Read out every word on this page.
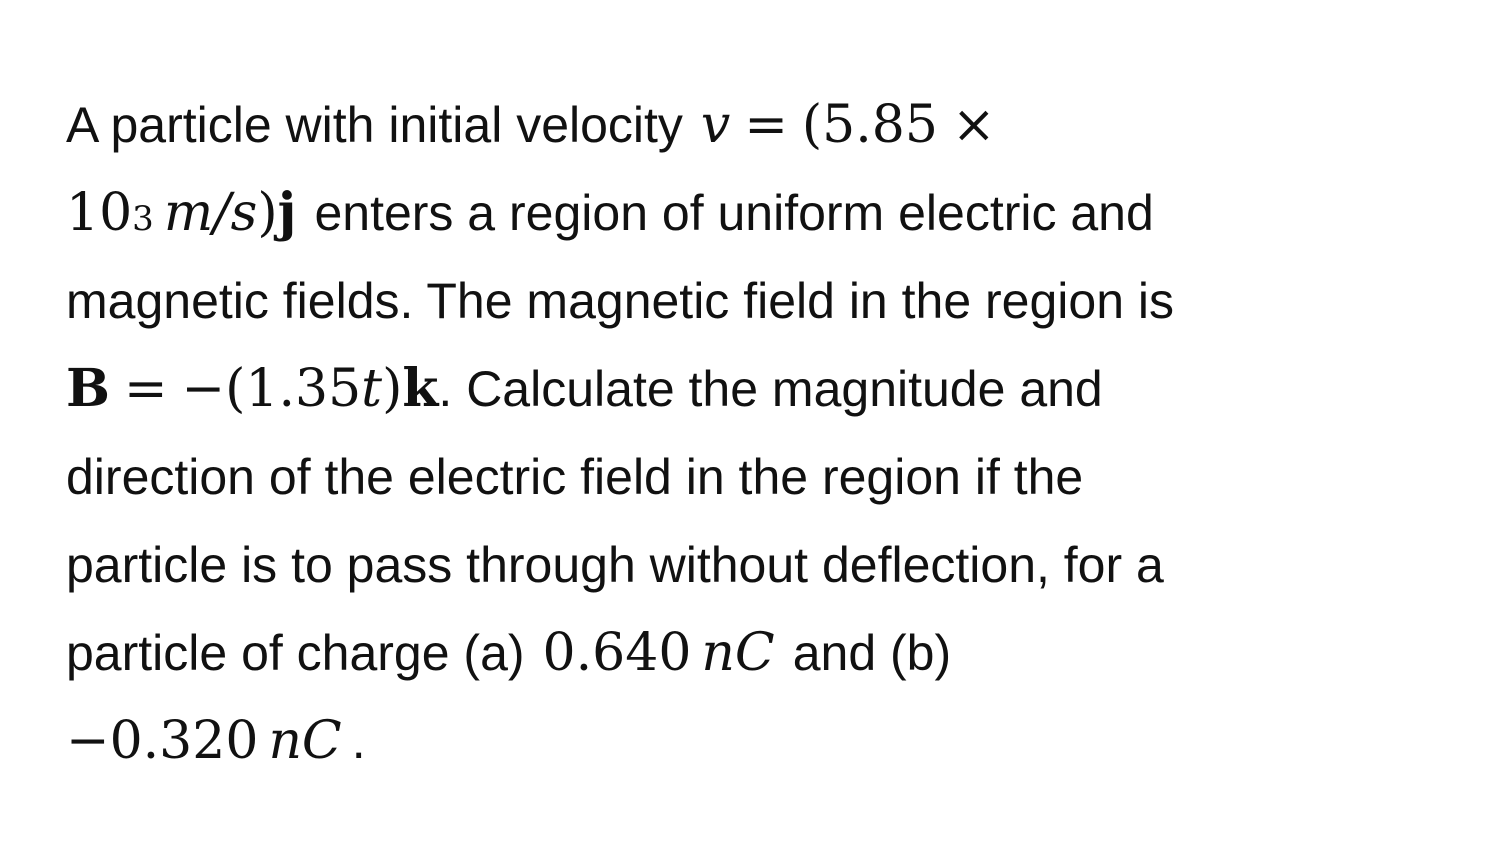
A particle with initial velocity v = (5.85 ×
10 3 m/s ) j enters a region of uniform electric and
magnetic fields. The magnetic field in the region is
B = −(1.35 t ) k . Calculate the magnitude and
direction of the electric field in the region if the
particle is to pass through without deflection, for a
particle of charge (a) 0.640 nC and (b)
−0.320 nC .
